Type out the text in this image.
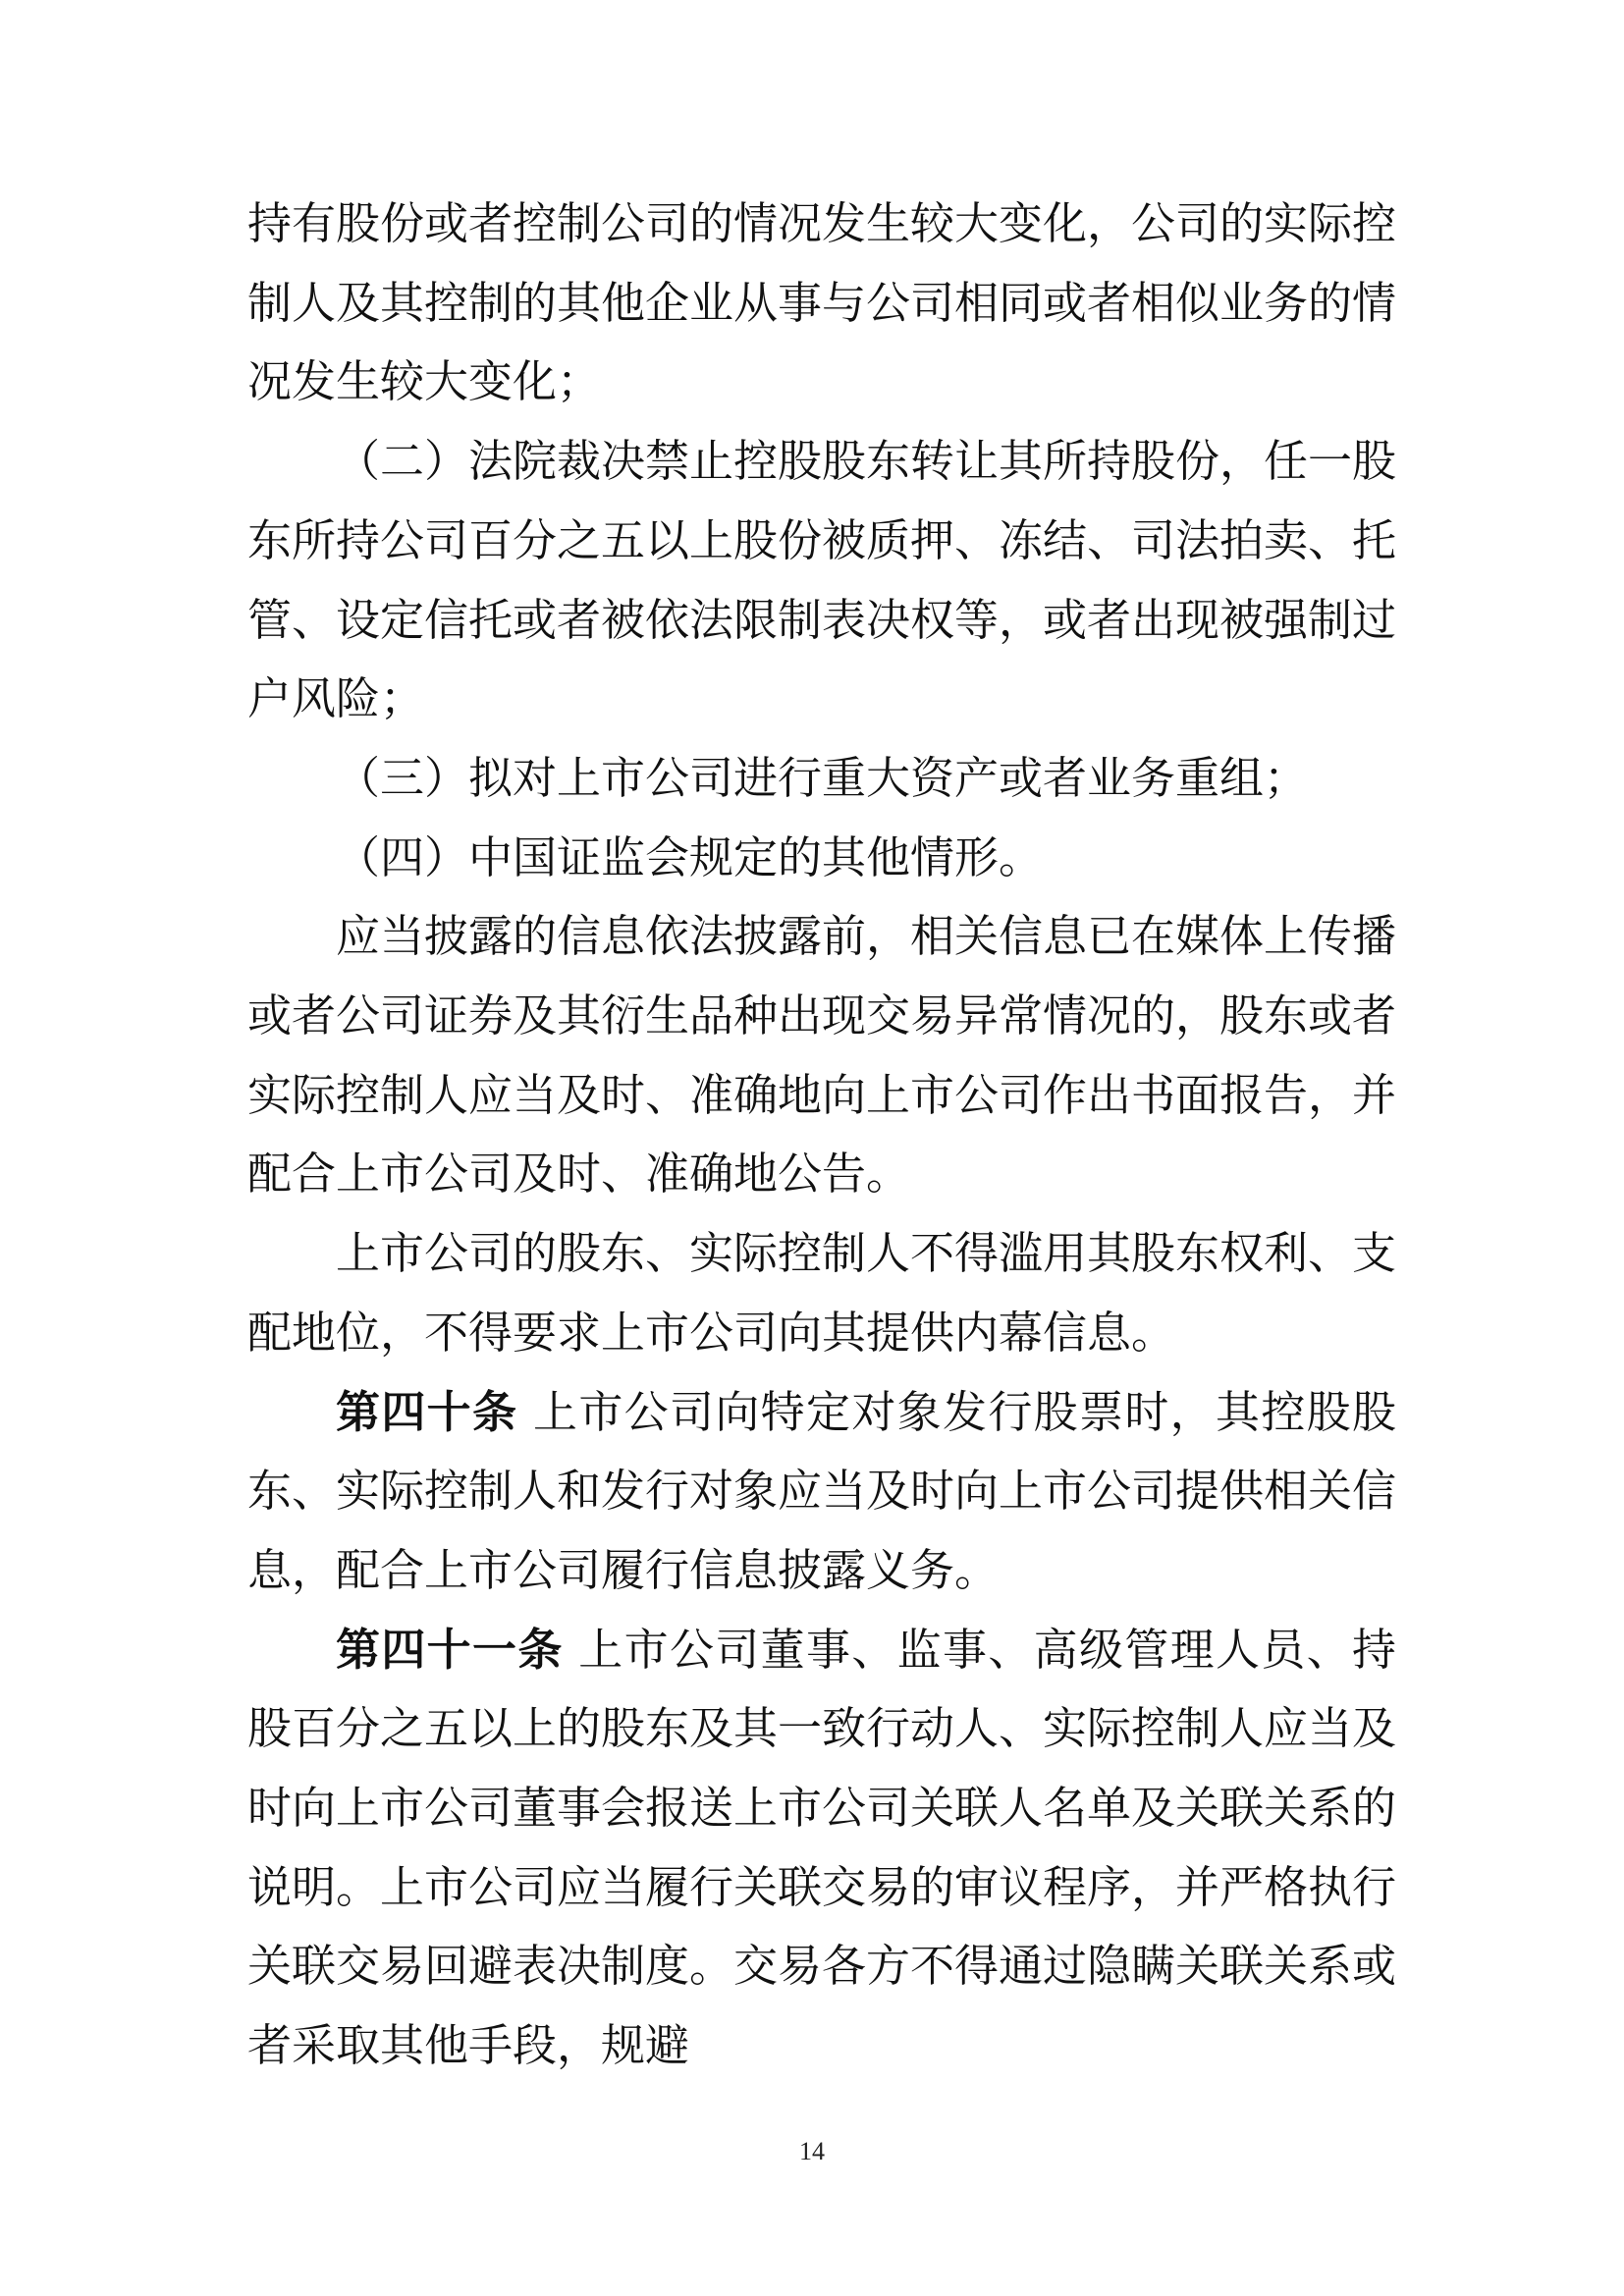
持有股份或者控制公司的情况发生较大变化，公司的实际控制人及其控制的其他企业从事与公司相同或者相似业务的情况发生较大变化；

（二）法院裁决禁止控股股东转让其所持股份，任一股东所持公司百分之五以上股份被质押、冻结、司法拍卖、托管、设定信托或者被依法限制表决权等，或者出现被强制过户风险；

（三）拟对上市公司进行重大资产或者业务重组；

（四）中国证监会规定的其他情形。

应当披露的信息依法披露前，相关信息已在媒体上传播或者公司证券及其衍生品种出现交易异常情况的，股东或者实际控制人应当及时、准确地向上市公司作出书面报告，并配合上市公司及时、准确地公告。

上市公司的股东、实际控制人不得滥用其股东权利、支配地位，不得要求上市公司向其提供内幕信息。

第四十条 上市公司向特定对象发行股票时，其控股股东、实际控制人和发行对象应当及时向上市公司提供相关信息，配合上市公司履行信息披露义务。

第四十一条 上市公司董事、监事、高级管理人员、持股百分之五以上的股东及其一致行动人、实际控制人应当及时向上市公司董事会报送上市公司关联人名单及关联关系的说明。上市公司应当履行关联交易的审议程序，并严格执行关联交易回避表决制度。交易各方不得通过隐瞒关联关系或者采取其他手段，规避

14
